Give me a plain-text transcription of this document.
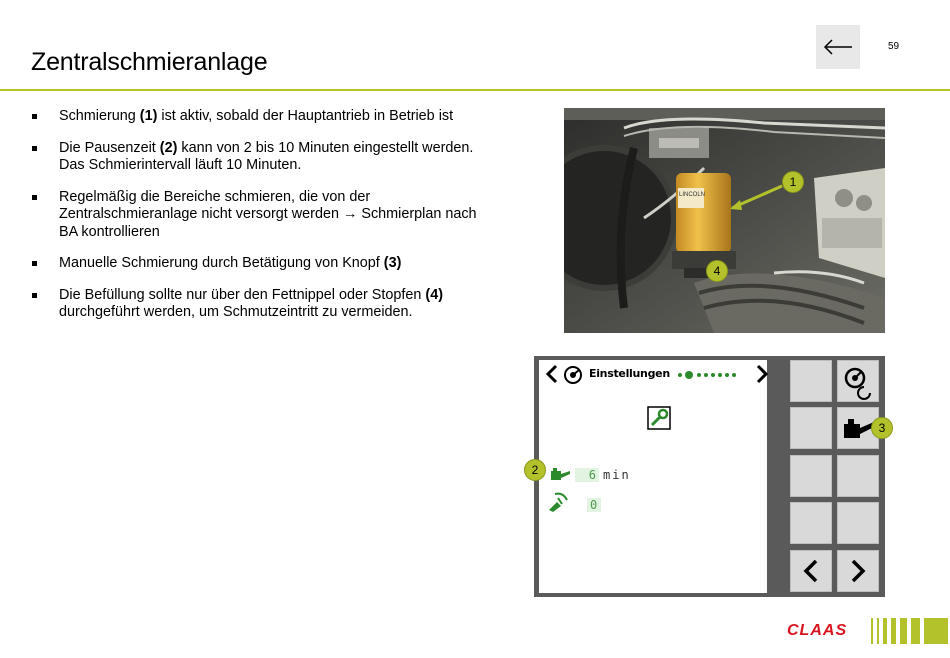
Zentralschmieranlage
59
Schmierung (1) ist aktiv, sobald der Hauptantrieb in Betrieb ist
Die Pausenzeit (2) kann von 2 bis 10 Minuten eingestellt werden. Das Schmierintervall läuft 10 Minuten.
Regelmäßig die Bereiche schmieren, die von der Zentralschmieranlage nicht versorgt werden → Schmierplan nach BA kontrollieren
Manuelle Schmierung durch Betätigung von Knopf (3)
Die Befüllung sollte nur über den Fettnippel oder Stopfen (4) durchgeführt werden, um Schmutzeintritt zu vermeiden.
LINCOLN
1
4
Einstellungen
6 min
0
2
3
CLAAS
